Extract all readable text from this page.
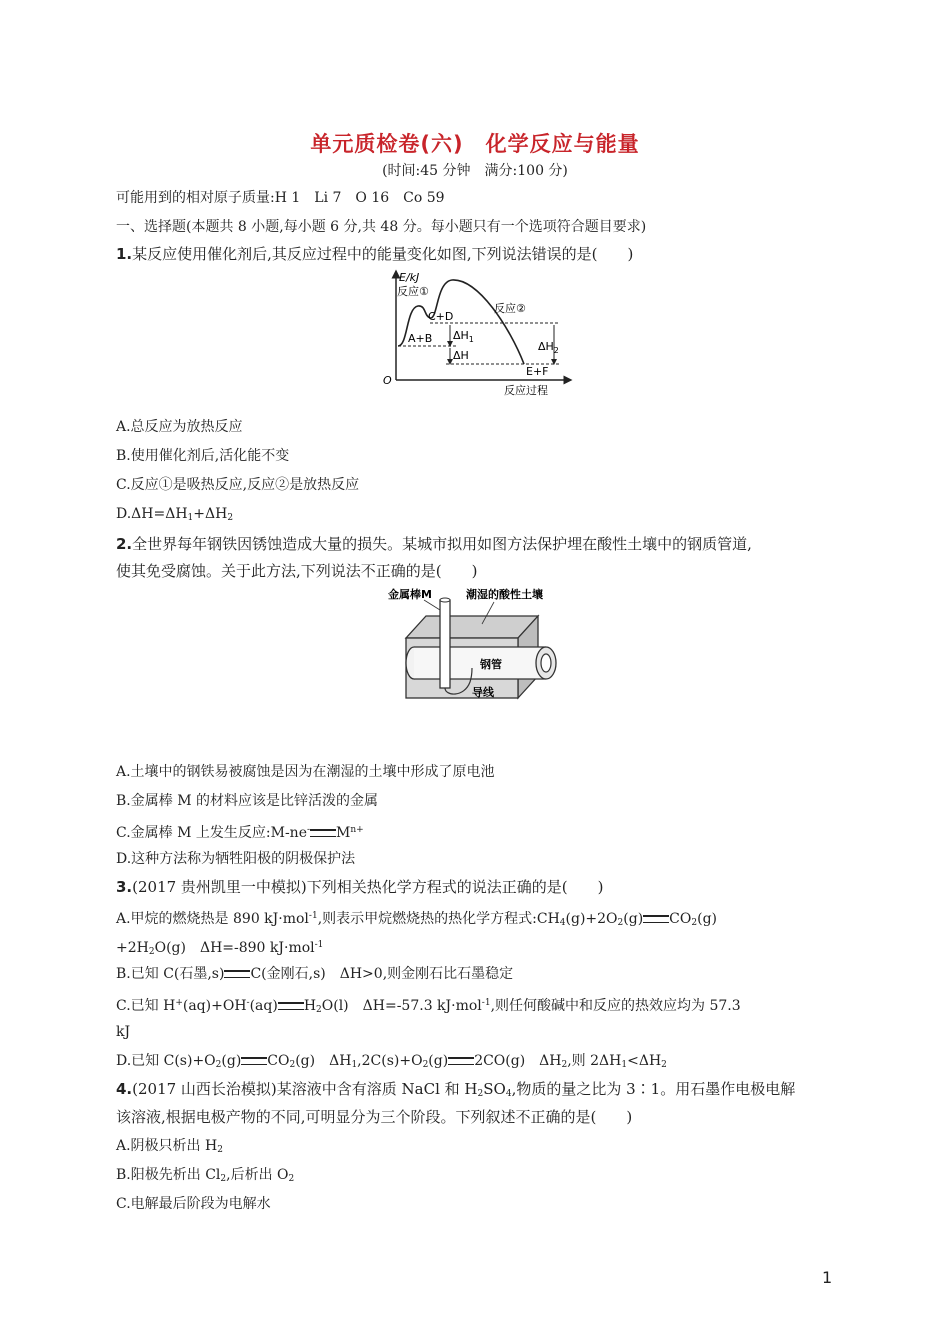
单元质检卷(六)　化学反应与能量
(时间:45 分钟　满分:100 分)
可能用到的相对原子质量:H 1　Li 7　O 16　Co 59
一、选择题(本题共 8 小题,每小题 6 分,共 48 分。每小题只有一个选项符合题目要求)
1.某反应使用催化剂后,其反应过程中的能量变化如图,下列说法错误的是(　　)
E/kJ
O
反应过程
反应①
反应②
C+D
A+B
E+F
$\Delta H_1$
ΔH
$\Delta H_2$
A.总反应为放热反应
B.使用催化剂后,活化能不变
C.反应①是吸热反应,反应②是放热反应
$D.\Delta H=\Delta H_1+\Delta H_2$
2.全世界每年钢铁因锈蚀造成大量的损失。某城市拟用如图方法保护埋在酸性土壤中的钢质管道,
使其免受腐蚀。关于此方法,下列说法不正确的是(　　)
金属棒M	潮湿的酸性土壤
钢管
导线
A.土壤中的钢铁易被腐蚀是因为在潮湿的土壤中形成了原电池
B.金属棒 M 的材料应该是比锌活泼的金属
C.金属棒 M 上发生反应:M-ne- $M^{n+}$
D.这种方法称为牺牲阳极的阴极保护法
3.(2017 贵州凯里一中模拟)下列相关热化学方程式的说法正确的是(　　)
A.甲烷的燃烧热是 890 kJ·mol$^{-1}$,则表示甲烷燃烧热的热化学方程式$:CH_4(g)+2O_2(g)$ $CO_2(g)$
$+2H_2O(g)$　ΔH=-890 kJ·mol$^{-1}$
B.已知 C(石墨,s) C(金刚石,s)　ΔH>0,则金刚石比石墨稳定
C.已知 H+(aq)+OH-(aq) $H_2O(l)$　ΔH=-57.3 kJ·mol$^{-1}$,则任何酸碱中和反应的热效应均为 57.3
kJ
D.已知 $C(s)+O_2(g)$ $CO_2(g)$　$\Delta H_1,2C(s)+O_2(g)$ 2CO(g)　$\Delta H_2$,则 $2\Delta H_1<\Delta H_2$
4.(2017 山西长治模拟)某溶液中含有溶质 NaCl 和 $H_2SO_4$,物质的量之比为 3∶1。用石墨作电极电解
该溶液,根据电极产物的不同,可明显分为三个阶段。下列叙述不正确的是(　　)
A.阴极只析出 $H_2$
B.阳极先析出 $Cl_2$,后析出 $O_2$
C.电解最后阶段为电解水
1
